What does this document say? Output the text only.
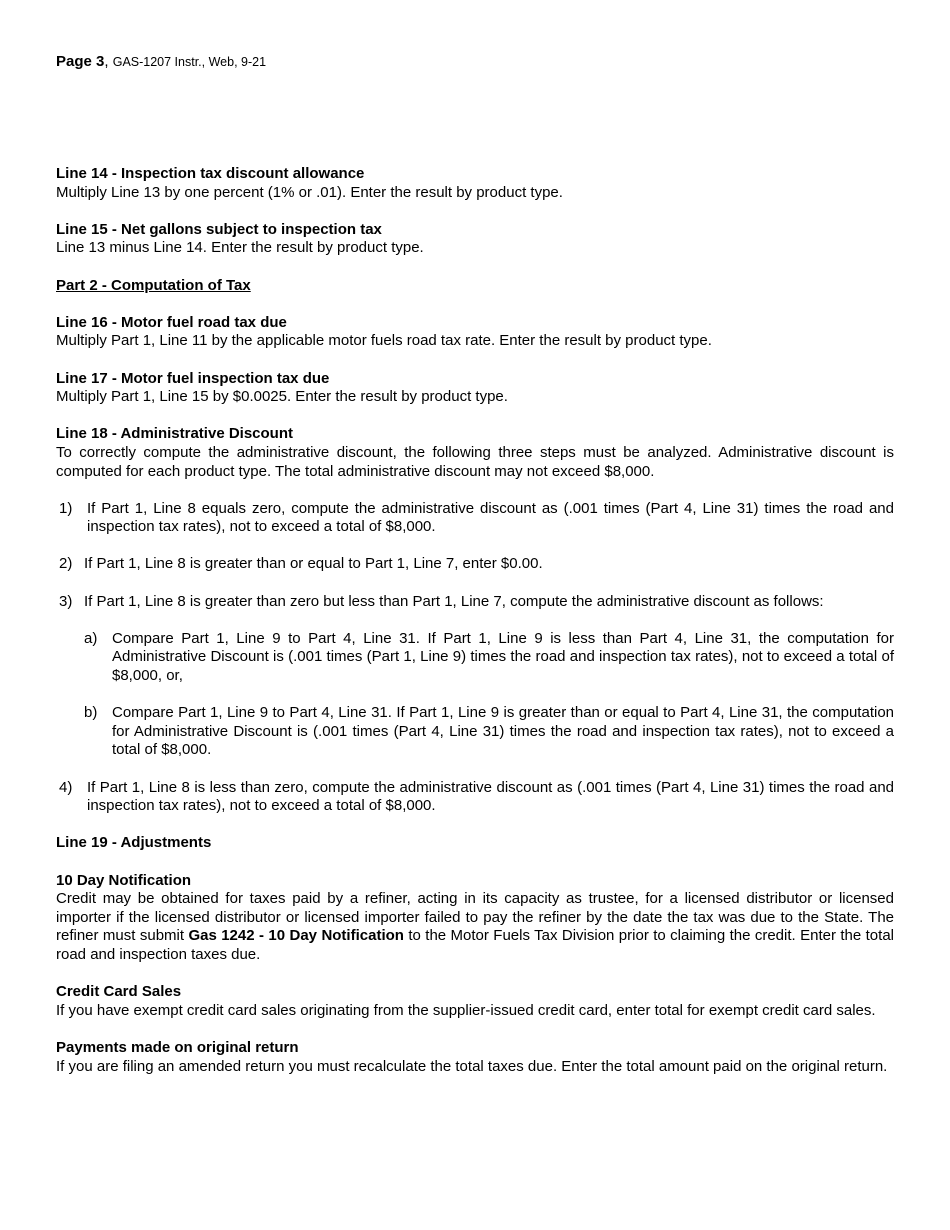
Page 3, GAS-1207 Instr., Web, 9-21
Line 14 - Inspection tax discount allowance
Multiply Line 13 by one percent (1% or .01). Enter the result by product type.
Line 15 - Net gallons subject to inspection tax
Line 13 minus Line 14. Enter the result by product type.
Part 2 - Computation of Tax
Line 16 - Motor fuel road tax due
Multiply Part 1, Line 11 by the applicable motor fuels road tax rate. Enter the result by product type.
Line 17 - Motor fuel inspection tax due
Multiply Part 1, Line 15 by $0.0025. Enter the result by product type.
Line 18 - Administrative Discount
To correctly compute the administrative discount, the following three steps must be analyzed. Administrative discount is computed for each product type. The total administrative discount may not exceed $8,000.
1) If Part 1, Line 8 equals zero, compute the administrative discount as (.001 times (Part 4, Line 31) times the road and inspection tax rates), not to exceed a total of $8,000.
2) If Part 1, Line 8 is greater than or equal to Part 1, Line 7, enter $0.00.
3) If Part 1, Line 8 is greater than zero but less than Part 1, Line 7, compute the administrative discount as follows:
a) Compare Part 1, Line 9 to Part 4, Line 31. If Part 1, Line 9 is less than Part 4, Line 31, the computation for Administrative Discount is (.001 times (Part 1, Line 9) times the road and inspection tax rates), not to exceed a total of $8,000, or,
b) Compare Part 1, Line 9 to Part 4, Line 31. If Part 1, Line 9 is greater than or equal to Part 4, Line 31, the computation for Administrative Discount is (.001 times (Part 4, Line 31) times the road and inspection tax rates), not to exceed a total of $8,000.
4) If Part 1, Line 8 is less than zero, compute the administrative discount as (.001 times (Part 4, Line 31) times the road and inspection tax rates), not to exceed a total of $8,000.
Line 19 - Adjustments
10 Day Notification
Credit may be obtained for taxes paid by a refiner, acting in its capacity as trustee, for a licensed distributor or licensed importer if the licensed distributor or licensed importer failed to pay the refiner by the date the tax was due to the State. The refiner must submit Gas 1242 - 10 Day Notification to the Motor Fuels Tax Division prior to claiming the credit. Enter the total road and inspection taxes due.
Credit Card Sales
If you have exempt credit card sales originating from the supplier-issued credit card, enter total for exempt credit card sales.
Payments made on original return
If you are filing an amended return you must recalculate the total taxes due. Enter the total amount paid on the original return.
